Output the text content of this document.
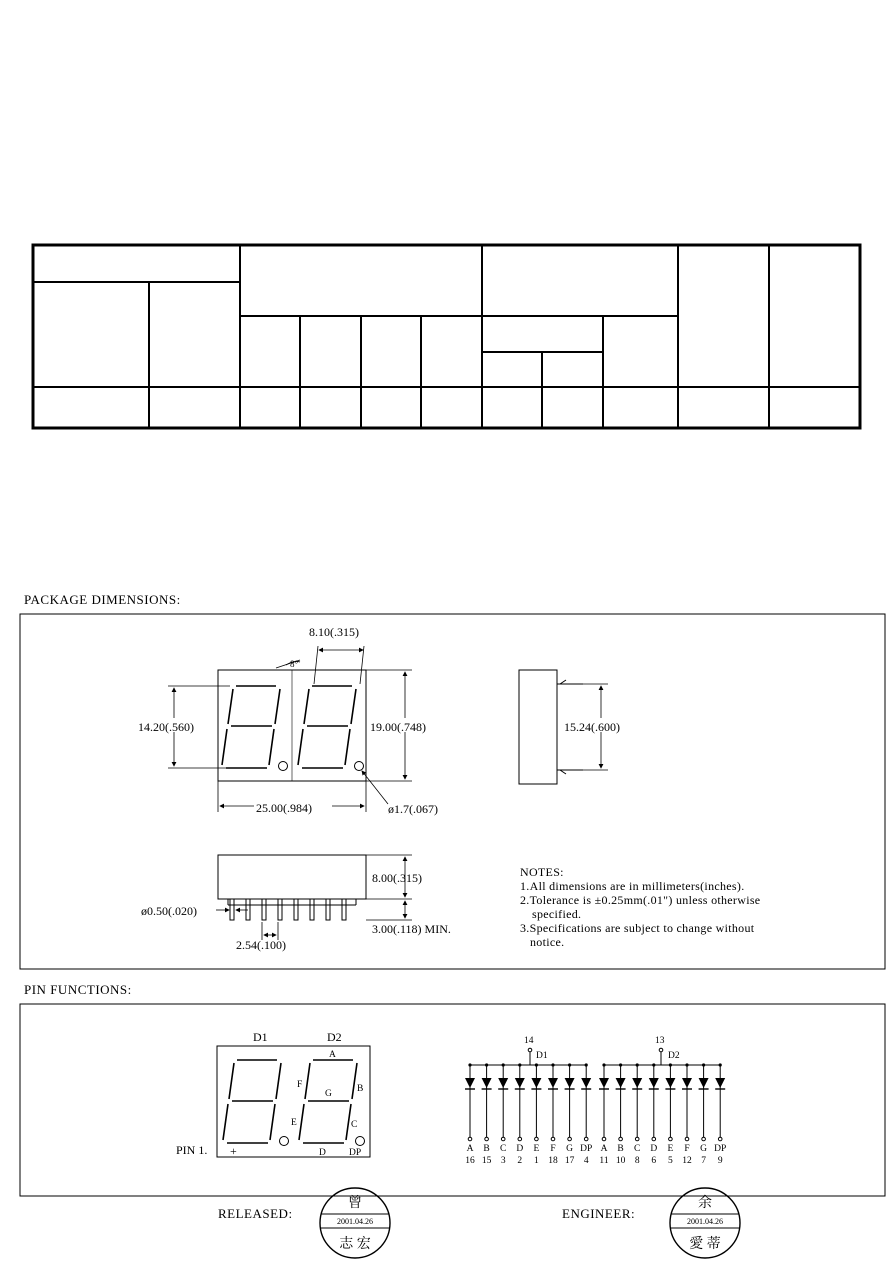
PACKAGE DIMENSIONS:
8.10(.315)
8°
14.20(.560)	19.00(.748)
25.00(.984)	ø1.7(.067)
15.24(.600)
8.00(.315)
ø0.50(.020)
2.54(.100)
3.00(.118) MIN.
NOTES:
1.All dimensions are in millimeters(inches).
2.Tolerance is ±0.25mm(.01") unless otherwise
specified.
3.Specifications are subject to change without
notice.
PIN FUNCTIONS:
D1	D2
A
B
C
D
E
F
G
DP
PIN 1. +	A
16
B
15
C
3
D
2
E
1
F
18
G
17
DP
4
A
11
B
10
C
8
D
6
E
5
F
12
G
7
DP
9
14
D1
13
D2
RELEASED:
曾
2001.04.26
志 宏
ENGINEER:
余
2001.04.26
愛 蒂
